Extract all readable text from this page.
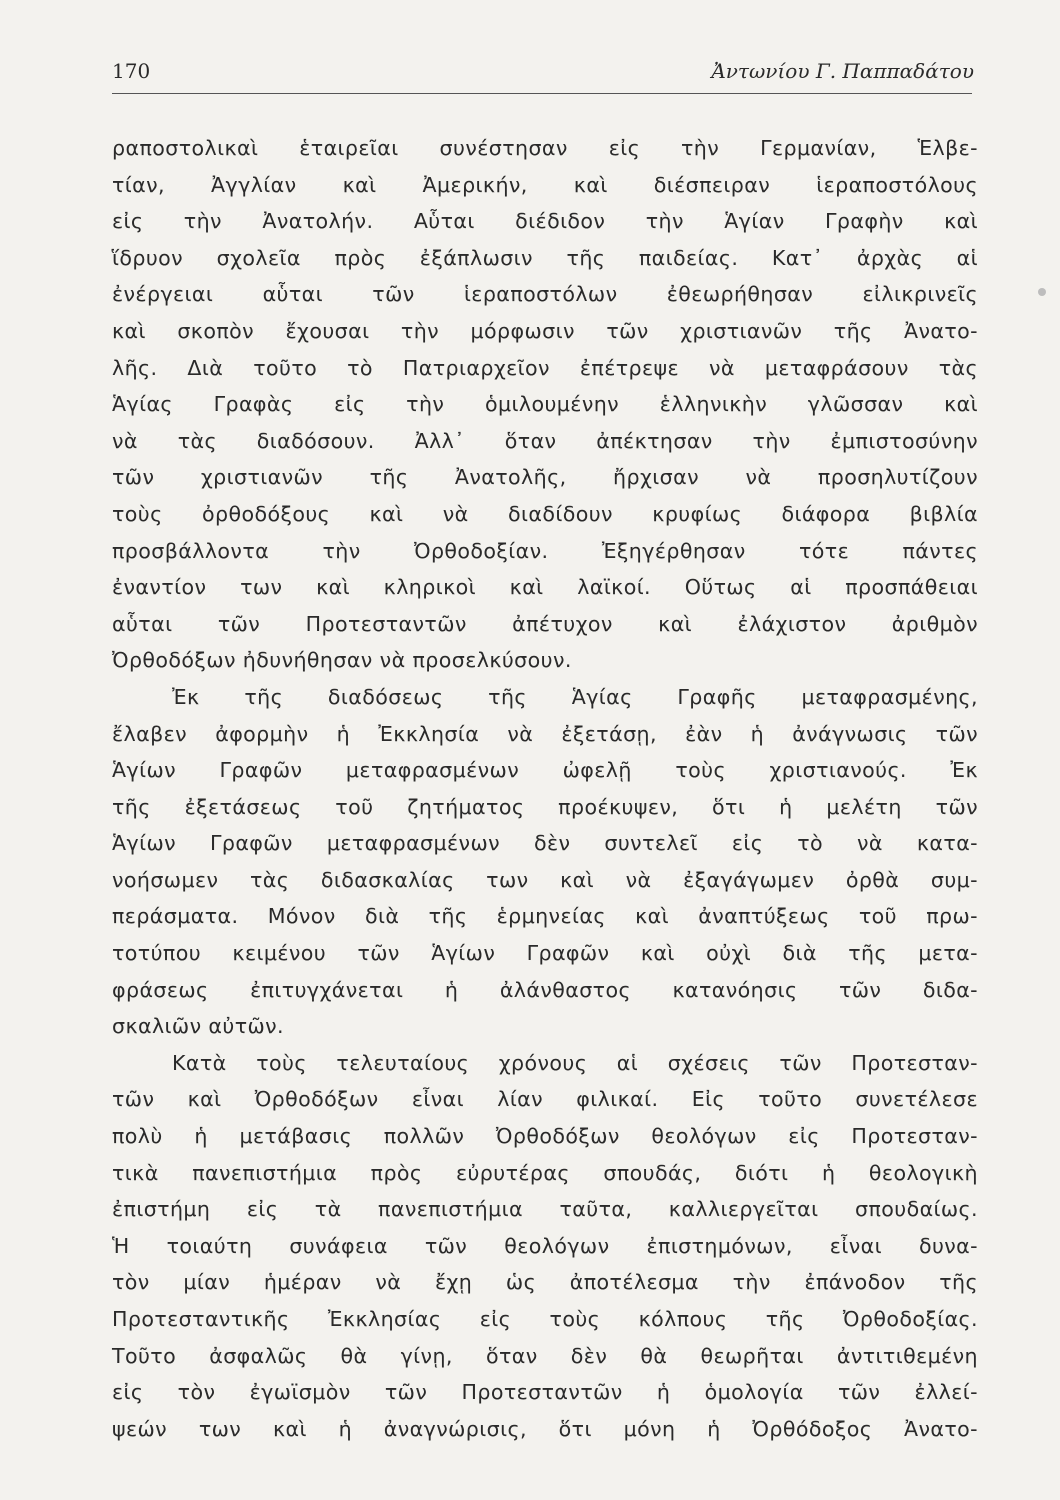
170	Ἀντωνίου Γ. Παππαδάτου
ραποστολικαὶ ἑταιρεῖαι συνέστησαν εἰς τὴν Γερμανίαν, Ἑλβε-
τίαν, Ἀγγλίαν καὶ Ἀμερικήν, καὶ διέσπειραν ἱεραποστόλους
εἰς τὴν Ἀνατολήν. Αὗται διέδιδον τὴν Ἁγίαν Γραφὴν καὶ
ἵδρυον σχολεῖα πρὸς ἐξάπλωσιν τῆς παιδείας. Κατ᾽ ἀρχὰς αἱ
ἐνέργειαι αὗται τῶν ἱεραποστόλων ἐθεωρήθησαν εἰλικρινεῖς
καὶ σκοπὸν ἔχουσαι τὴν μόρφωσιν τῶν χριστιανῶν τῆς Ἀνατο-
λῆς. Διὰ τοῦτο τὸ Πατριαρχεῖον ἐπέτρεψε νὰ μεταφράσουν τὰς
Ἁγίας Γραφὰς εἰς τὴν ὁμιλουμένην ἑλληνικὴν γλῶσσαν καὶ
νὰ τὰς διαδόσουν. Ἀλλ᾽ ὅταν ἀπέκτησαν τὴν ἐμπιστοσύνην
τῶν χριστιανῶν τῆς Ἀνατολῆς, ἤρχισαν νὰ προσηλυτίζουν
τοὺς ὀρθοδόξους καὶ νὰ διαδίδουν κρυφίως διάφορα βιβλία
προσβάλλοντα τὴν Ὀρθοδοξίαν. Ἐξηγέρθησαν τότε πάντες
ἐναντίον των καὶ κληρικοὶ καὶ λαϊκοί. Οὕτως αἱ προσπάθειαι
αὗται τῶν Προτεσταντῶν ἀπέτυχον καὶ ἐλάχιστον ἀριθμὸν
Ὀρθοδόξων ἠδυνήθησαν νὰ προσελκύσουν.
Ἐκ τῆς διαδόσεως τῆς Ἁγίας Γραφῆς μεταφρασμένης,
ἔλαβεν ἀφορμὴν ἡ Ἐκκλησία νὰ ἐξετάσῃ, ἐὰν ἡ ἀνάγνωσις τῶν
Ἁγίων Γραφῶν μεταφρασμένων ὠφελῇ τοὺς χριστιανούς. Ἐκ
τῆς ἐξετάσεως τοῦ ζητήματος προέκυψεν, ὅτι ἡ μελέτη τῶν
Ἁγίων Γραφῶν μεταφρασμένων δὲν συντελεῖ εἰς τὸ νὰ κατα-
νοήσωμεν τὰς διδασκαλίας των καὶ νὰ ἐξαγάγωμεν ὀρθὰ συμ-
περάσματα. Μόνον διὰ τῆς ἑρμηνείας καὶ ἀναπτύξεως τοῦ πρω-
τοτύπου κειμένου τῶν Ἁγίων Γραφῶν καὶ οὐχὶ διὰ τῆς μετα-
φράσεως ἐπιτυγχάνεται ἡ ἀλάνθαστος κατανόησις τῶν διδα-
σκαλιῶν αὐτῶν.
Κατὰ τοὺς τελευταίους χρόνους αἱ σχέσεις τῶν Προτεσταν-
τῶν καὶ Ὀρθοδόξων εἶναι λίαν φιλικαί. Εἰς τοῦτο συνετέλεσε
πολὺ ἡ μετάβασις πολλῶν Ὀρθοδόξων θεολόγων εἰς Προτεσταν-
τικὰ πανεπιστήμια πρὸς εὐρυτέρας σπουδάς, διότι ἡ θεολογικὴ
ἐπιστήμη εἰς τὰ πανεπιστήμια ταῦτα, καλλιεργεῖται σπουδαίως.
Ἡ τοιαύτη συνάφεια τῶν θεολόγων ἐπιστημόνων, εἶναι δυνα-
τὸν μίαν ἡμέραν νὰ ἔχῃ ὡς ἀποτέλεσμα τὴν ἐπάνοδον τῆς
Προτεσταντικῆς Ἐκκλησίας εἰς τοὺς κόλπους τῆς Ὀρθοδοξίας.
Τοῦτο ἀσφαλῶς θὰ γίνῃ, ὅταν δὲν θὰ θεωρῆται ἀντιτιθεμένη
εἰς τὸν ἐγωϊσμὸν τῶν Προτεσταντῶν ἡ ὁμολογία τῶν ἐλλεί-
ψεών των καὶ ἡ ἀναγνώρισις, ὅτι μόνη ἡ Ὀρθόδοξος Ἀνατο-
